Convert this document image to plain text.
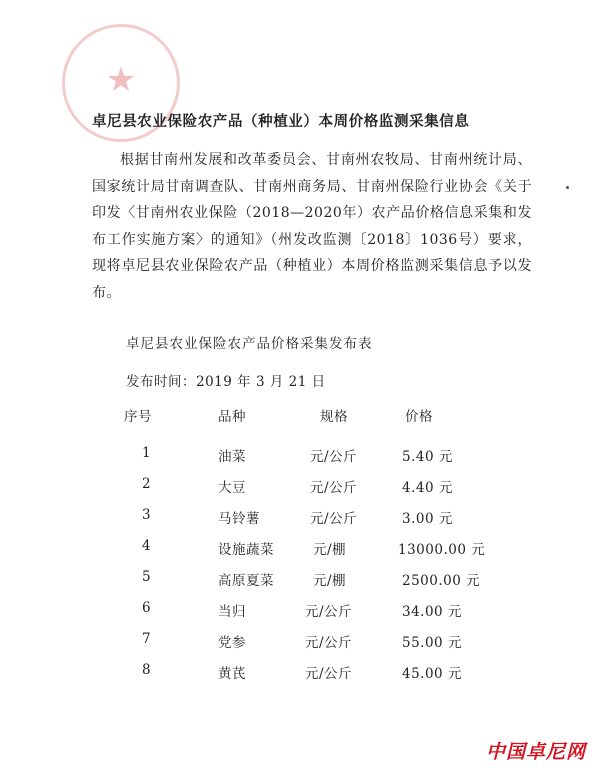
★
卓尼县农业保险农产品（种植业）本周价格监测采集信息

根据甘南州发展和改革委员会、甘南州农牧局、甘南州统计局、国家统计局甘南调查队、甘南州商务局、甘南州保险行业协会《关于印发〈甘南州农业保险（2018—2020年）农产品价格信息采集和发布工作实施方案〉的通知》（州发改监测〔2018〕1036号）要求，现将卓尼县农业保险农产品（种植业）本周价格监测采集信息予以发布。

卓尼县农业保险农产品价格采集发布表
发布时间：2019 年 3 月 21 日
序号	品种	规格	价格
1	油菜	元/公斤	5.40 元
2	大豆	元/公斤	4.40 元
3	马铃薯	元/公斤	3.00 元
4	设施蔬菜	元/棚	13000.00 元
5	高原夏菜	元/棚	2500.00 元
6	当归	元/公斤	34.00 元
7	党参	元/公斤	55.00 元
8	黄芪	元/公斤	45.00 元
中国卓尼网
